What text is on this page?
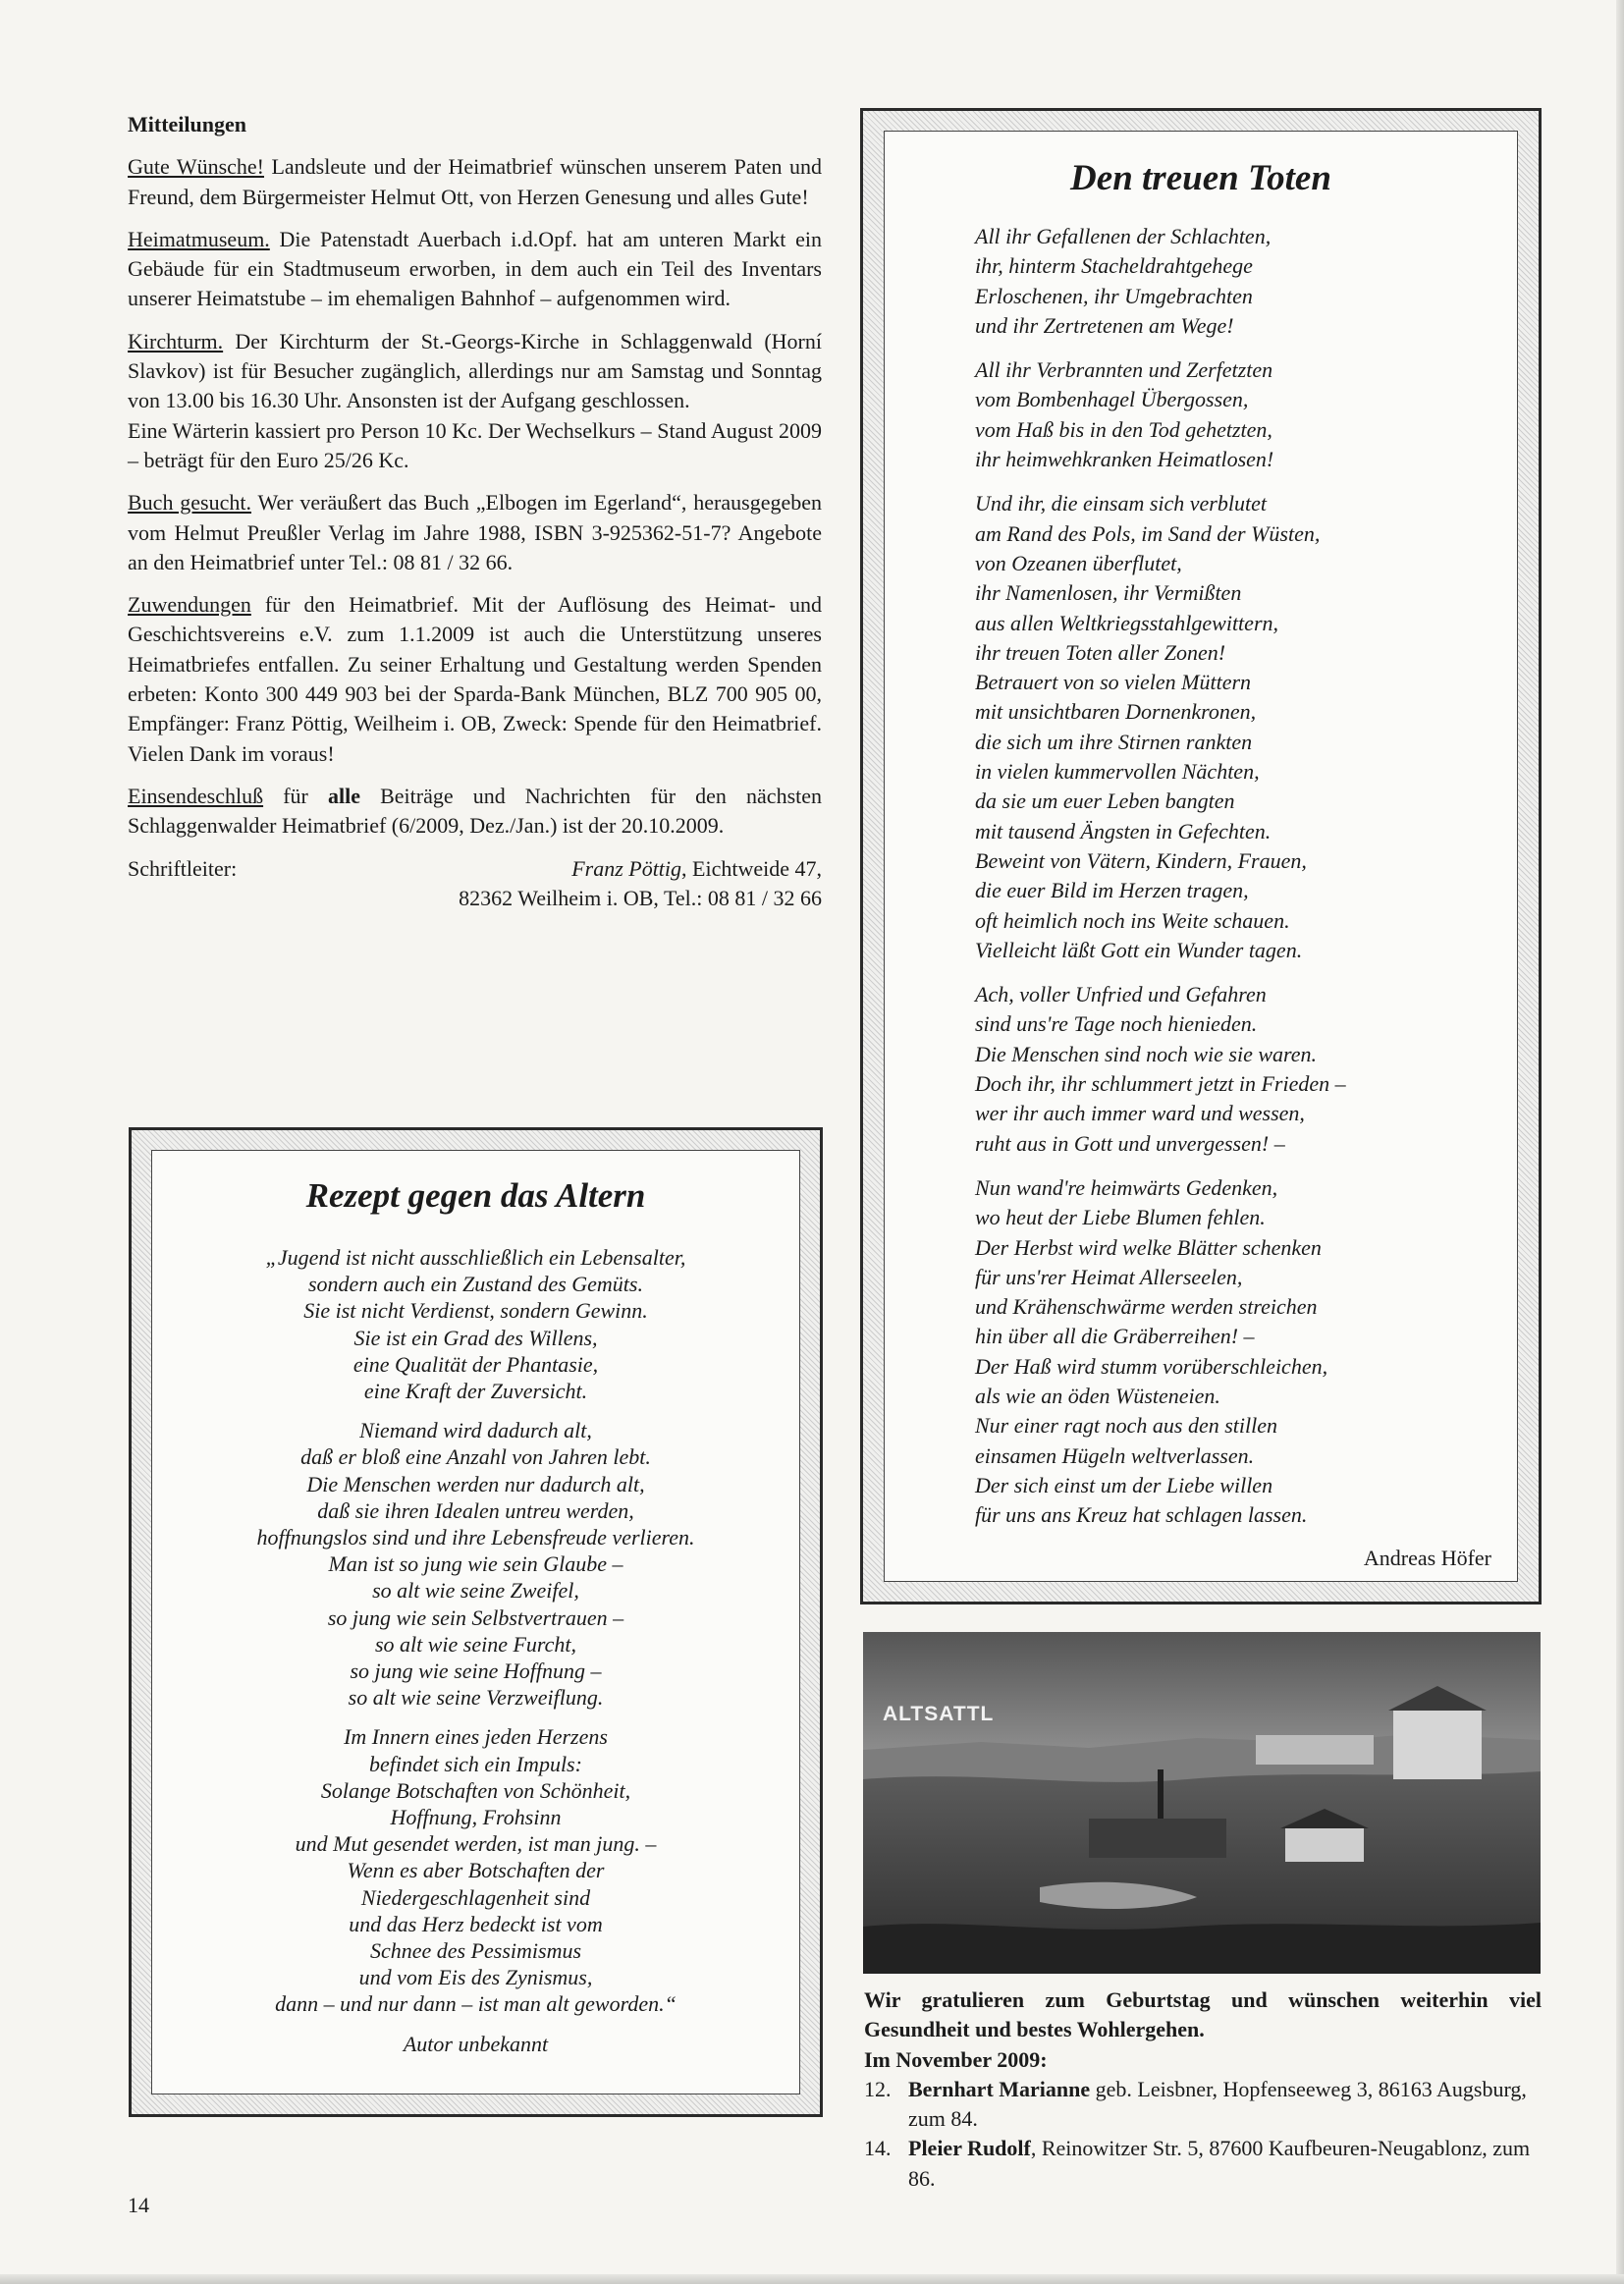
Mitteilungen

Gute Wünsche! Landsleute und der Heimatbrief wünschen unserem Paten und Freund, dem Bürgermeister Helmut Ott, von Herzen Genesung und alles Gute!

Heimatmuseum. Die Patenstadt Auerbach i.d.Opf. hat am unteren Markt ein Gebäude für ein Stadtmuseum erworben, in dem auch ein Teil des Inventars unserer Heimatstube – im ehemaligen Bahnhof – aufgenommen wird.

Kirchturm. Der Kirchturm der St.-Georgs-Kirche in Schlaggenwald (Horní Slavkov) ist für Besucher zugänglich, allerdings nur am Samstag und Sonntag von 13.00 bis 16.30 Uhr. Ansonsten ist der Aufgang geschlossen.
Eine Wärterin kassiert pro Person 10 Kc. Der Wechselkurs – Stand August 2009 – beträgt für den Euro 25/26 Kc.

Buch gesucht. Wer veräußert das Buch „Elbogen im Egerland“, herausgegeben vom Helmut Preußler Verlag im Jahre 1988, ISBN 3-925362-51-7? Angebote an den Heimatbrief unter Tel.: 08 81 / 32 66.

Zuwendungen für den Heimatbrief. Mit der Auflösung des Heimat- und Geschichtsvereins e.V. zum 1.1.2009 ist auch die Unterstützung unseres Heimatbriefes entfallen. Zu seiner Erhaltung und Gestaltung werden Spenden erbeten: Konto 300 449 903 bei der Sparda-Bank München, BLZ 700 905 00, Empfänger: Franz Pöttig, Weilheim i. OB, Zweck: Spende für den Heimatbrief. Vielen Dank im voraus!

Einsendeschluß für alle Beiträge und Nachrichten für den nächsten Schlaggenwalder Heimatbrief (6/2009, Dez./Jan.) ist der 20.10.2009.

Schriftleiter:	Franz Pöttig, Eichtweide 47,
82362 Weilheim i. OB, Tel.: 08 81 / 32 66
Rezept gegen das Altern
„Jugend ist nicht ausschließlich ein Lebensalter,
sondern auch ein Zustand des Gemüts.
Sie ist nicht Verdienst, sondern Gewinn.
Sie ist ein Grad des Willens,
eine Qualität der Phantasie,
eine Kraft der Zuversicht.
Niemand wird dadurch alt,
daß er bloß eine Anzahl von Jahren lebt.
Die Menschen werden nur dadurch alt,
daß sie ihren Idealen untreu werden,
hoffnungslos sind und ihre Lebensfreude verlieren.
Man ist so jung wie sein Glaube –
so alt wie seine Zweifel,
so jung wie sein Selbstvertrauen –
so alt wie seine Furcht,
so jung wie seine Hoffnung –
so alt wie seine Verzweiflung.
Im Innern eines jeden Herzens
befindet sich ein Impuls:
Solange Botschaften von Schönheit,
Hoffnung, Frohsinn
und Mut gesendet werden, ist man jung. –
Wenn es aber Botschaften der
Niedergeschlagenheit sind
und das Herz bedeckt ist vom
Schnee des Pessimismus
und vom Eis des Zynismus,
dann – und nur dann – ist man alt geworden.“
Autor unbekannt
Den treuen Toten
All ihr Gefallenen der Schlachten,
ihr, hinterm Stacheldrahtgehege
Erloschenen, ihr Umgebrachten
und ihr Zertretenen am Wege!
All ihr Verbrannten und Zerfetzten
vom Bombenhagel Übergossen,
vom Haß bis in den Tod gehetzten,
ihr heimwehkranken Heimatlosen!
Und ihr, die einsam sich verblutet
am Rand des Pols, im Sand der Wüsten,
von Ozeanen überflutet,
ihr Namenlosen, ihr Vermißten
aus allen Weltkriegsstahlgewittern,
ihr treuen Toten aller Zonen!
Betrauert von so vielen Müttern
mit unsichtbaren Dornenkronen,
die sich um ihre Stirnen rankten
in vielen kummervollen Nächten,
da sie um euer Leben bangten
mit tausend Ängsten in Gefechten.
Beweint von Vätern, Kindern, Frauen,
die euer Bild im Herzen tragen,
oft heimlich noch ins Weite schauen.
Vielleicht läßt Gott ein Wunder tagen.
Ach, voller Unfried und Gefahren
sind uns're Tage noch hienieden.
Die Menschen sind noch wie sie waren.
Doch ihr, ihr schlummert jetzt in Frieden –
wer ihr auch immer ward und wessen,
ruht aus in Gott und unvergessen! –
Nun wand're heimwärts Gedenken,
wo heut der Liebe Blumen fehlen.
Der Herbst wird welke Blätter schenken
für uns'rer Heimat Allerseelen,
und Krähenschwärme werden streichen
hin über all die Gräberreihen! –
Der Haß wird stumm vorüberschleichen,
als wie an öden Wüsteneien.
Nur einer ragt noch aus den stillen
einsamen Hügeln weltverlassen.
Der sich einst um der Liebe willen
für uns ans Kreuz hat schlagen lassen.
Andreas Höfer
ALTSATTL

Wir gratulieren zum Geburtstag und wünschen weiterhin viel Gesundheit und bestes Wohlergehen.

Im November 2009:

12. Bernhart Marianne geb. Leisbner, Hopfenseeweg 3, 86163 Augsburg, zum 84.
14. Pleier Rudolf, Reinowitzer Str. 5, 87600 Kaufbeuren-Neugablonz, zum 86.
14
